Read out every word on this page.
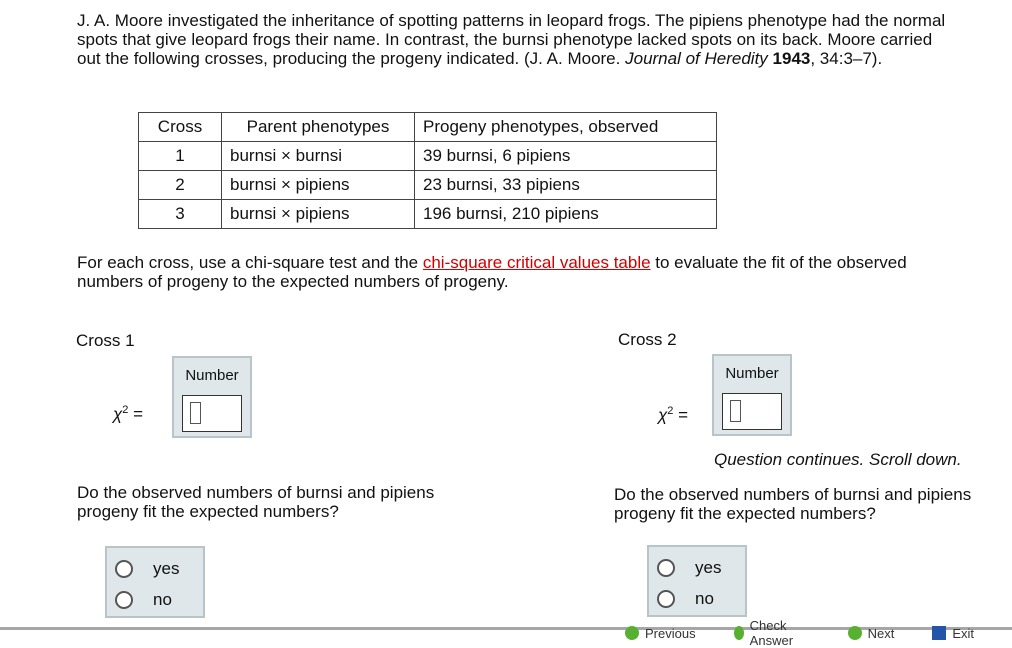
J. A. Moore investigated the inheritance of spotting patterns in leopard frogs. The pipiens phenotype had the normal spots that give leopard frogs their name. In contrast, the burnsi phenotype lacked spots on its back. Moore carried out the following crosses, producing the progeny indicated. (J. A. Moore. Journal of Heredity 1943, 34:3–7).

Cross	Parent phenotypes	Progeny phenotypes, observed
1	burnsi × burnsi	39 burnsi, 6 pipiens
2	burnsi × pipiens	23 burnsi, 33 pipiens
3	burnsi × pipiens	196 burnsi, 210 pipiens

For each cross, use a chi-square test and the chi-square critical values table to evaluate the fit of the observed numbers of progeny to the expected numbers of progeny.

Cross 1
$\chi^2$ =
Number
Do the observed numbers of burnsi and pipiens progeny fit the expected numbers?
yes
no
Cross 2
$\chi^2$ =
Number
Question continues. Scroll down.
Do the observed numbers of burnsi and pipiens progeny fit the expected numbers?
yes
no
Previous	Check Answer	Next	Exit
